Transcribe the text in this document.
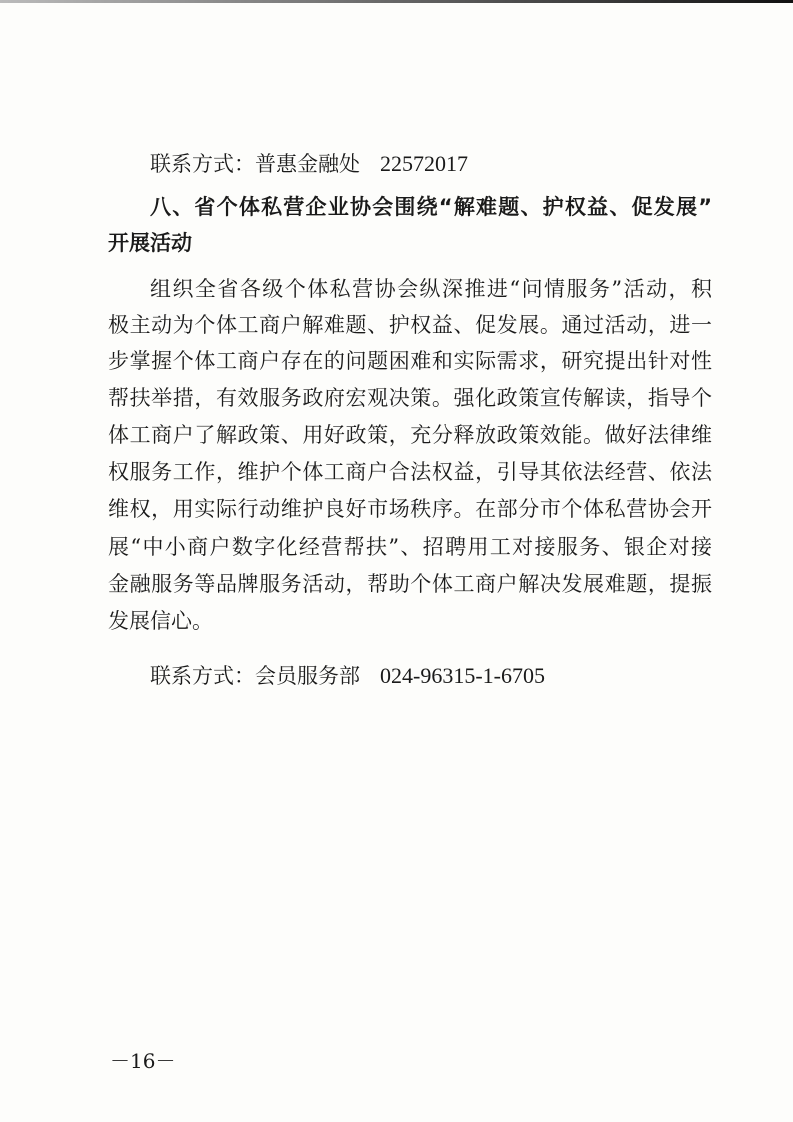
联系方式：普惠金融处 22572017
八、省个体私营企业协会围绕“解难题、护权益、促发展”
开展活动
组织全省各级个体私营协会纵深推进“问情服务”活动，积
极主动为个体工商户解难题、护权益、促发展。通过活动，进一
步掌握个体工商户存在的问题困难和实际需求，研究提出针对性
帮扶举措，有效服务政府宏观决策。强化政策宣传解读，指导个
体工商户了解政策、用好政策，充分释放政策效能。做好法律维
权服务工作，维护个体工商户合法权益，引导其依法经营、依法
维权，用实际行动维护良好市场秩序。在部分市个体私营协会开
展“中小商户数字化经营帮扶”、招聘用工对接服务、银企对接
金融服务等品牌服务活动，帮助个体工商户解决发展难题，提振
发展信心。
联系方式：会员服务部 024-96315-1-6705
－16－
